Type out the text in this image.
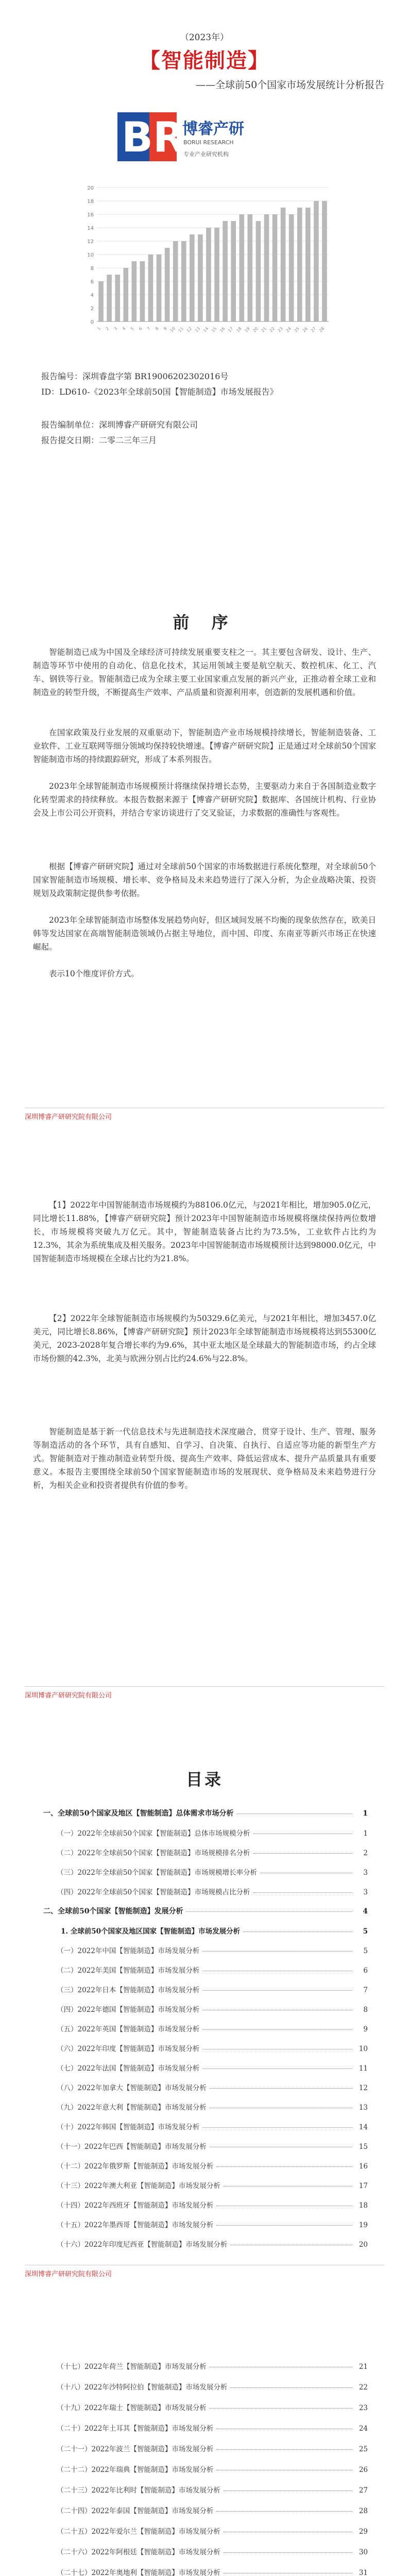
（2023年）
【智能制造】
——全球前50个国家市场发展统计分析报告
BR
博睿产研
BORUI RESEARCH
专业产业研究机构
20
18
16
14
12
10
8
6
4
2
0
1 2 3 4 5 6 7 8 9 10 11 12 13 14 15 16 17 18 19 20 21 22 23 24 25 26 27 28
报告编号：深圳睿盘字第 BR19006202302016号
ID：LD610-《2023年全球前50国【智能制造】市场发展报告》
报告编制单位：深圳博睿产研研究有限公司
报告提交日期：二零二三年三月
前 序

智能制造已成为中国及全球经济可持续发展重要支柱之一。其主要包含研发、设计、生产、制造等环节中使用的自动化、信息化技术，其运用领域主要是航空航天、数控机床、化工、汽车、钢铁等行业。智能制造已成为全球主要工业国家重点发展的新兴产业，正推动着全球工业和制造业的转型升级，不断提高生产效率、产品质量和资源利用率，创造新的发展机遇和价值。

在国家政策及行业发展的双重驱动下，智能制造产业市场规模持续增长，智能制造装备、工业软件、工业互联网等细分领域均保持较快增速。【博睿产研研究院】正是通过对全球前50个国家智能制造市场的持续跟踪研究，形成了本系列报告。

2023年全球智能制造市场规模预计将继续保持增长态势，主要驱动力来自于各国制造业数字化转型需求的持续释放。本报告数据来源于【博睿产研研究院】数据库、各国统计机构、行业协会及上市公司公开资料，并结合专家访谈进行了交叉验证，力求数据的准确性与客观性。

根据【博睿产研研究院】通过对全球前50个国家的市场数据进行系统化整理，对全球前50个国家智能制造市场规模、增长率、竞争格局及未来趋势进行了深入分析，为企业战略决策、投资规划及政策制定提供参考依据。

2023年全球智能制造市场整体发展趋势向好，但区域间发展不均衡的现象依然存在，欧美日韩等发达国家在高端智能制造领域仍占据主导地位，而中国、印度、东南亚等新兴市场正在快速崛起。

表示10个维度评价方式。

深圳博睿产研研究院有限公司

【1】2022年中国智能制造市场规模约为88106.0亿元，与2021年相比，增加905.0亿元，同比增长11.88%，【博睿产研研究院】预计2023年中国智能制造市场规模将继续保持两位数增长，市场规模将突破九万亿元。其中，智能制造装备占比约为73.5%，工业软件占比约为12.3%，其余为系统集成及相关服务。2023年中国智能制造市场规模预计达到98000.0亿元，中国智能制造市场规模在全球占比约为21.8%。

【2】2022年全球智能制造市场规模约为50329.6亿美元，与2021年相比，增加3457.0亿美元，同比增长8.86%，【博睿产研研究院】预计2023年全球智能制造市场规模将达到55300亿美元，2023-2028年复合增长率约为9.6%，其中亚太地区是全球最大的智能制造市场，约占全球市场份额的42.3%，北美与欧洲分别占比约24.6%与22.8%。

智能制造是基于新一代信息技术与先进制造技术深度融合，贯穿于设计、生产、管理、服务等制造活动的各个环节，具有自感知、自学习、自决策、自执行、自适应等功能的新型生产方式。智能制造对于推动制造业转型升级、提高生产效率、降低运营成本、提升产品质量具有重要意义。本报告主要围绕全球前50个国家智能制造市场的发展现状、竞争格局及未来趋势进行分析，为相关企业和投资者提供有价值的参考。

深圳博睿产研研究院有限公司
目录
一、全球前50个国家及地区【智能制造】总体需求市场分析	1
（一）2022年全球前50个国家【智能制造】总体市场规模分析	1
（二）2022年全球前50个国家【智能制造】市场规模排名分析	2
（三）2022年全球前50个国家【智能制造】市场规模增长率分析	3
（四）2022年全球前50个国家【智能制造】市场规模占比分析	3
二、全球前50个国家【智能制造】发展分析	4
1. 全球前50个国家及地区国家【智能制造】市场发展分析	5
（一）2022年中国【智能制造】市场发展分析	5
（二）2022年美国【智能制造】市场发展分析	6
（三）2022年日本【智能制造】市场发展分析	7
（四）2022年德国【智能制造】市场发展分析	8
（五）2022年英国【智能制造】市场发展分析	9
（六）2022年印度【智能制造】市场发展分析	10
（七）2022年法国【智能制造】市场发展分析	11
（八）2022年加拿大【智能制造】市场发展分析	12
（九）2022年意大利【智能制造】市场发展分析	13
（十）2022年韩国【智能制造】市场发展分析	14
（十一）2022年巴西【智能制造】市场发展分析	15
（十二）2022年俄罗斯【智能制造】市场发展分析	16
（十三）2022年澳大利亚【智能制造】市场发展分析	17
（十四）2022年西班牙【智能制造】市场发展分析	18
（十五）2022年墨西哥【智能制造】市场发展分析	19
（十六）2022年印度尼西亚【智能制造】市场发展分析	20
深圳博睿产研研究院有限公司
（十七）2022年荷兰【智能制造】市场发展分析	21
（十八）2022年沙特阿拉伯【智能制造】市场发展分析	22
（十九）2022年瑞士【智能制造】市场发展分析	23
（二十）2022年土耳其【智能制造】市场发展分析	24
（二十一）2022年波兰【智能制造】市场发展分析	25
（二十二）2022年瑞典【智能制造】市场发展分析	26
（二十三）2022年比利时【智能制造】市场发展分析	27
（二十四）2022年泰国【智能制造】市场发展分析	28
（二十五）2022年爱尔兰【智能制造】市场发展分析	29
（二十六）2022年阿根廷【智能制造】市场发展分析	30
（二十七）2022年奥地利【智能制造】市场发展分析	31
